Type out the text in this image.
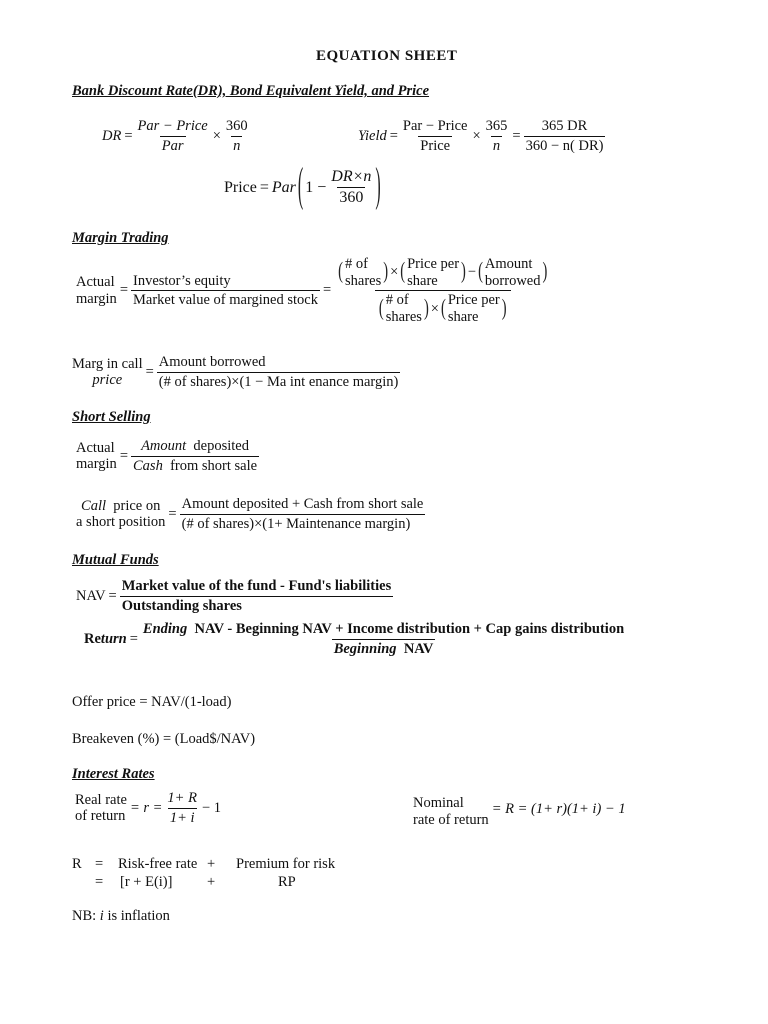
EQUATION SHEET
Bank Discount Rate(DR), Bond Equivalent Yield, and Price
DR = $\frac{\text{Par − Price}}{\text{Par}} \times \frac{360}{n}$	Yield = $\frac{\text{Par − Price}}{\text{Price}} \times \frac{365}{n} = \frac{365 DR}{360 - n( DR)}$
Price = Par ( $1 - \frac{DR\times n}{360}$ )
Margin Trading
Actual
margin
= $\frac{\text{Investor’s equity}}{\text{Market value of margined stock}}$ =
( # of
shares ) × ( Price per
share	) − ( Amount
borrowed )
( # of
shares ) × ( Price per
share	)
Marg in call
price
= $\frac{\text{Amount borrowed}}{\text{(\# of shares)×(1 − Ma int enance margin)}}$
Short Selling
Actual
margin
= $\frac{\text{Amount deposited}}{\text{Cash from short sale}}$
Call price on
a short position
= $\frac{\text{Amount deposited + Cash from short sale}}{\text{(\# of shares)×(1+ Maintenance margin)}}$
Mutual Funds
NAV = $\frac{\text{Market value of the fund - Fund's liabilities}}{\text{Outstanding shares}}$
Return =
Ending NAV - Beginning NAV + Income distribution + Cap gains distribution
Beginning NAV
Offer price = NAV/(1-load)
Breakeven (%) = (Load$/NAV)
Interest Rates
Real rate
of return
= $r = \frac{1+ R}{1+ i} - 1$	Nominal
rate of return
= R = (1+ r)(1+ i) − 1
R = Risk-free rate + Premium for risk
= [r + E(i)] +	RP
NB: i is inflation
